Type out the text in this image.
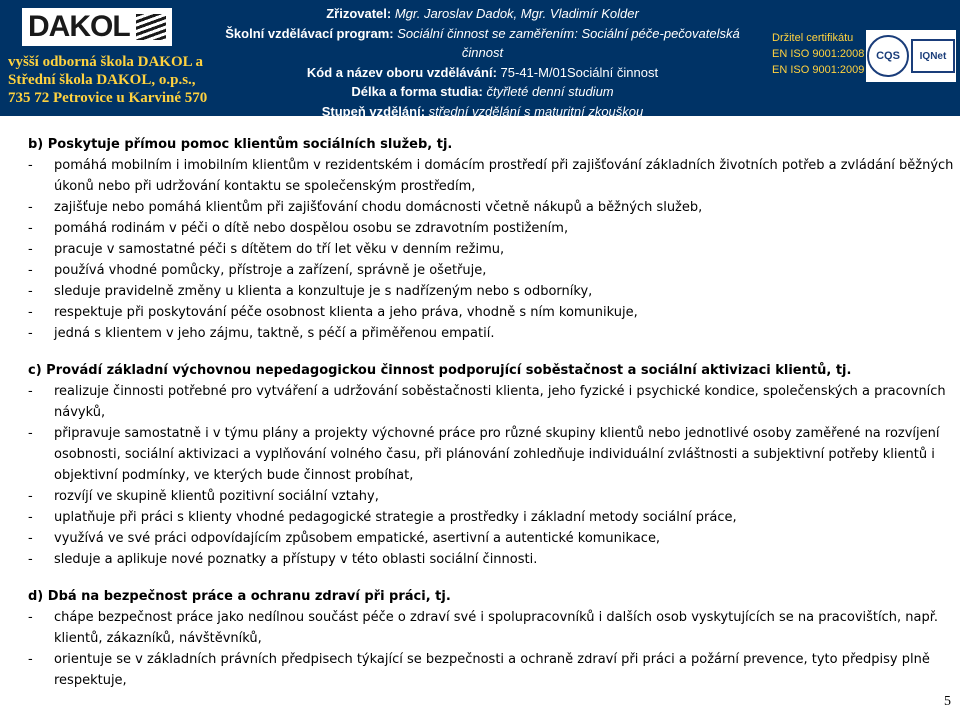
DAKOL
vyšší odborná škola DAKOL a
Střední škola DAKOL, o.p.s.,
735 72 Petrovice u Karviné 570
Zřizovatel: Mgr. Jaroslav Dadok, Mgr. Vladimír Kolder
Školní vzdělávací program: Sociální činnost se zaměřením: Sociální péče-pečovatelská činnost
Kód a název oboru vzdělávání: 75-41-M/01Sociální činnost
Délka a forma studia: čtyřleté denní studium
Stupeň vzdělání: střední vzdělání s maturitní zkouškou
Datum platnosti ŠVP: od 1. 9. 2011 počínaje 1. ročníkem
Držitel certifikátu
EN ISO 9001:2008
EN ISO 9001:2009
CQS	IQNet
b) Poskytuje přímou pomoc klientům sociálních služeb, tj.
- pomáhá mobilním i imobilním klientům v rezidentském i domácím prostředí při zajišťování základních životních potřeb a zvládání běžných úkonů nebo při udržování kontaktu se společenským prostředím,
- zajišťuje nebo pomáhá klientům při zajišťování chodu domácnosti včetně nákupů a běžných služeb,
- pomáhá rodinám v péči o dítě nebo dospělou osobu se zdravotním postižením,
- pracuje v samostatné péči s dítětem do tří let věku v denním režimu,
- používá vhodné pomůcky, přístroje a zařízení, správně je ošetřuje,
- sleduje pravidelně změny u klienta a konzultuje je s nadřízeným nebo s odborníky,
- respektuje při poskytování péče osobnost klienta a jeho práva, vhodně s ním komunikuje,
- jedná s klientem v jeho zájmu, taktně, s péčí a přiměřenou empatií.
c) Provádí základní výchovnou nepedagogickou činnost podporující soběstačnost a sociální aktivizaci klientů, tj.
- realizuje činnosti potřebné pro vytváření a udržování soběstačnosti klienta, jeho fyzické i psychické kondice, společenských a pracovních návyků,
- připravuje samostatně i v týmu plány a projekty výchovné práce pro různé skupiny klientů nebo jednotlivé osoby zaměřené na rozvíjení osobnosti, sociální aktivizaci a vyplňování volného času, při plánování zohledňuje individuální zvláštnosti a subjektivní potřeby klientů i objektivní podmínky, ve kterých bude činnost probíhat,
- rozvíjí ve skupině klientů pozitivní sociální vztahy,
- uplatňuje při práci s klienty vhodné pedagogické strategie a prostředky i základní metody sociální práce,
- využívá ve své práci odpovídajícím způsobem empatické, asertivní a autentické komunikace,
- sleduje a aplikuje nové poznatky a přístupy v této oblasti sociální činnosti.
d) Dbá na bezpečnost práce a ochranu zdraví při práci, tj.
- chápe bezpečnost práce jako nedílnou součást péče o zdraví své i spolupracovníků i dalších osob vyskytujících se na pracovištích, např. klientů, zákazníků, návštěvníků,
- orientuje se v základních právních předpisech týkající se bezpečnosti a ochraně zdraví při práci a požární prevence, tyto předpisy plně respektuje,
5
